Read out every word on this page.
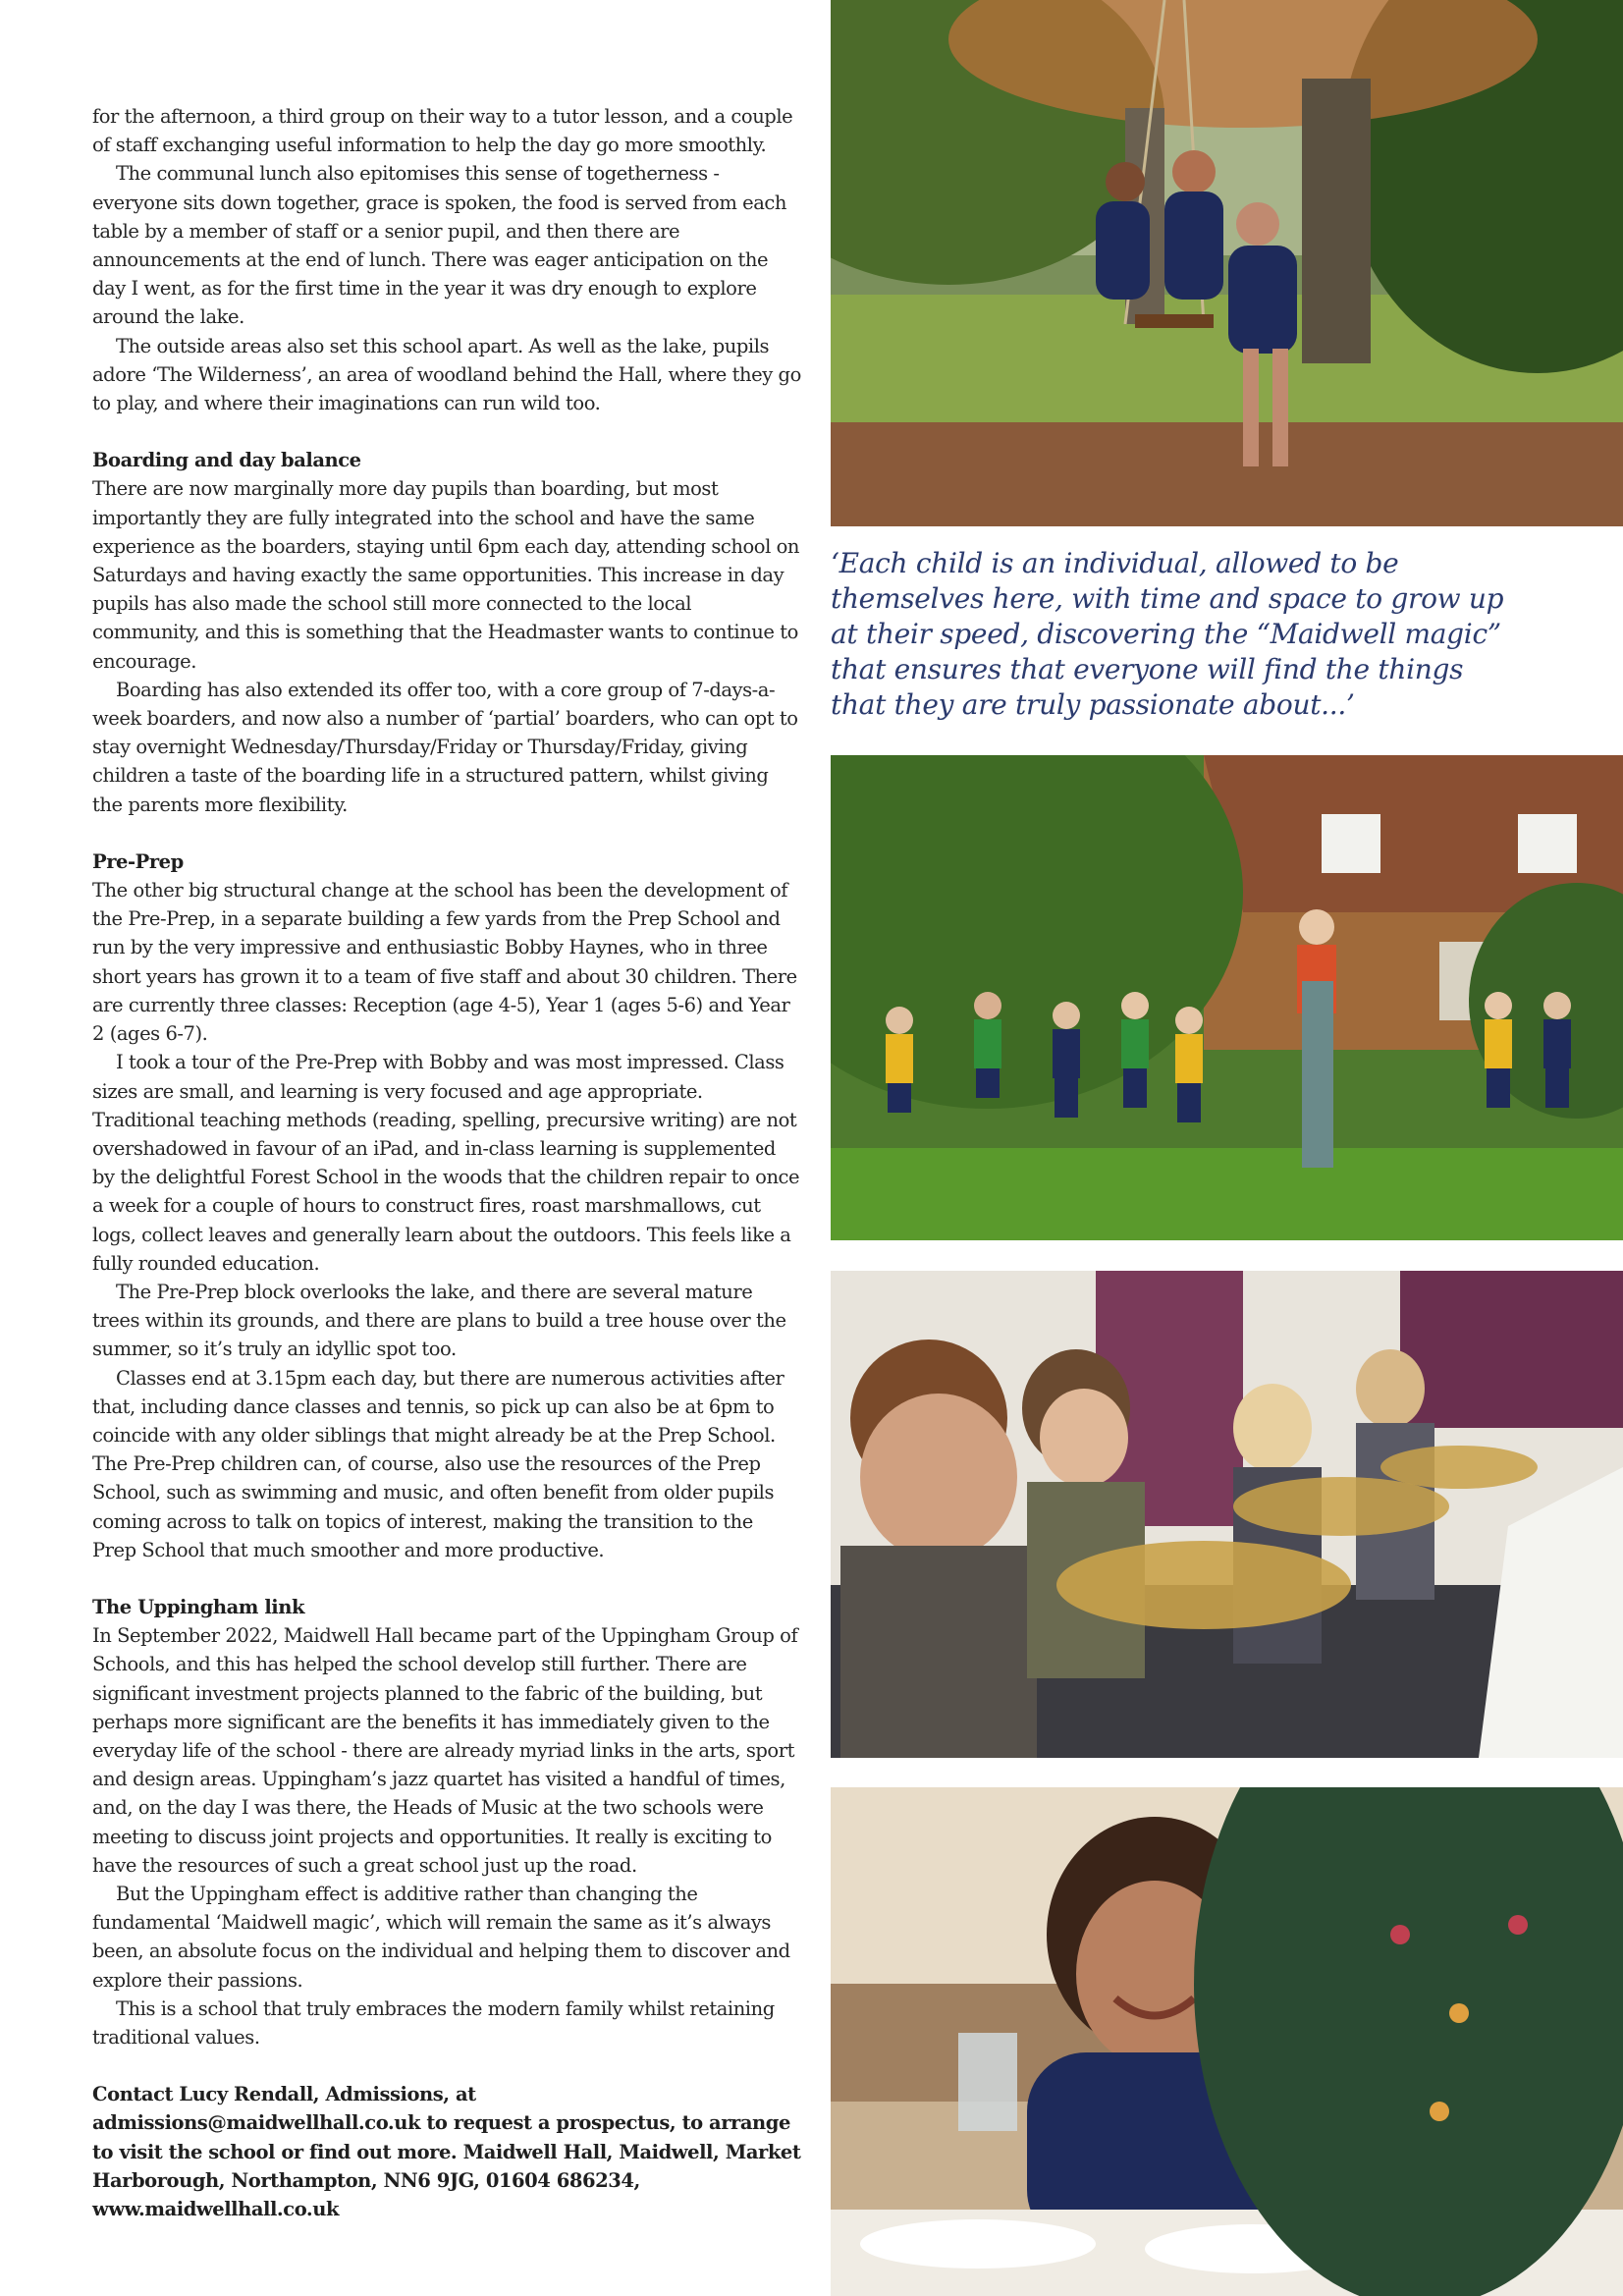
for the afternoon, a third group on their way to a tutor lesson, and a couple of staff exchanging useful information to help the day go more smoothly.

The communal lunch also epitomises this sense of togetherness - everyone sits down together, grace is spoken, the food is served from each table by a member of staff or a senior pupil, and then there are announcements at the end of lunch. There was eager anticipation on the day I went, as for the first time in the year it was dry enough to explore around the lake.

The outside areas also set this school apart. As well as the lake, pupils adore ‘The Wilderness’, an area of woodland behind the Hall, where they go to play, and where their imaginations can run wild too.

Boarding and day balance

There are now marginally more day pupils than boarding, but most importantly they are fully integrated into the school and have the same experience as the boarders, staying until 6pm each day, attending school on Saturdays and having exactly the same opportunities. This increase in day pupils has also made the school still more connected to the local community, and this is something that the Headmaster wants to continue to encourage.

Boarding has also extended its offer too, with a core group of 7-days-a-week boarders, and now also a number of ‘partial’ boarders, who can opt to stay overnight Wednesday/Thursday/Friday or Thursday/Friday, giving children a taste of the boarding life in a structured pattern, whilst giving the parents more flexibility.

Pre-Prep

The other big structural change at the school has been the development of the Pre-Prep, in a separate building a few yards from the Prep School and run by the very impressive and enthusiastic Bobby Haynes, who in three short years has grown it to a team of five staff and about 30 children. There are currently three classes: Reception (age 4-5), Year 1 (ages 5-6) and Year 2 (ages 6-7).

I took a tour of the Pre-Prep with Bobby and was most impressed. Class sizes are small, and learning is very focused and age appropriate. Traditional teaching methods (reading, spelling, precursive writing) are not overshadowed in favour of an iPad, and in-class learning is supplemented by the delightful Forest School in the woods that the children repair to once a week for a couple of hours to construct fires, roast marshmallows, cut logs, collect leaves and generally learn about the outdoors. This feels like a fully rounded education.

The Pre-Prep block overlooks the lake, and there are several mature trees within its grounds, and there are plans to build a tree house over the summer, so it’s truly an idyllic spot too.

Classes end at 3.15pm each day, but there are numerous activities after that, including dance classes and tennis, so pick up can also be at 6pm to coincide with any older siblings that might already be at the Prep School. The Pre-Prep children can, of course, also use the resources of the Prep School, such as swimming and music, and often benefit from older pupils coming across to talk on topics of interest, making the transition to the Prep School that much smoother and more productive.

The Uppingham link

In September 2022, Maidwell Hall became part of the Uppingham Group of Schools, and this has helped the school develop still further. There are significant investment projects planned to the fabric of the building, but perhaps more significant are the benefits it has immediately given to the everyday life of the school - there are already myriad links in the arts, sport and design areas. Uppingham’s jazz quartet has visited a handful of times, and, on the day I was there, the Heads of Music at the two schools were meeting to discuss joint projects and opportunities. It really is exciting to have the resources of such a great school just up the road.

But the Uppingham effect is additive rather than changing the fundamental ‘Maidwell magic’, which will remain the same as it’s always been, an absolute focus on the individual and helping them to discover and explore their passions.

This is a school that truly embraces the modern family whilst retaining traditional values.

Contact Lucy Rendall, Admissions, at admissions@maidwellhall.co.uk to request a prospectus, to arrange to visit the school or find out more. Maidwell Hall, Maidwell, Market Harborough, Northampton, NN6 9JG, 01604 686234, www.maidwellhall.co.uk

‘Each child is an individual, allowed to be themselves here, with time and space to grow up at their speed, discovering the “Maidwell magic” that ensures that everyone will find the things that they are truly passionate about...’
